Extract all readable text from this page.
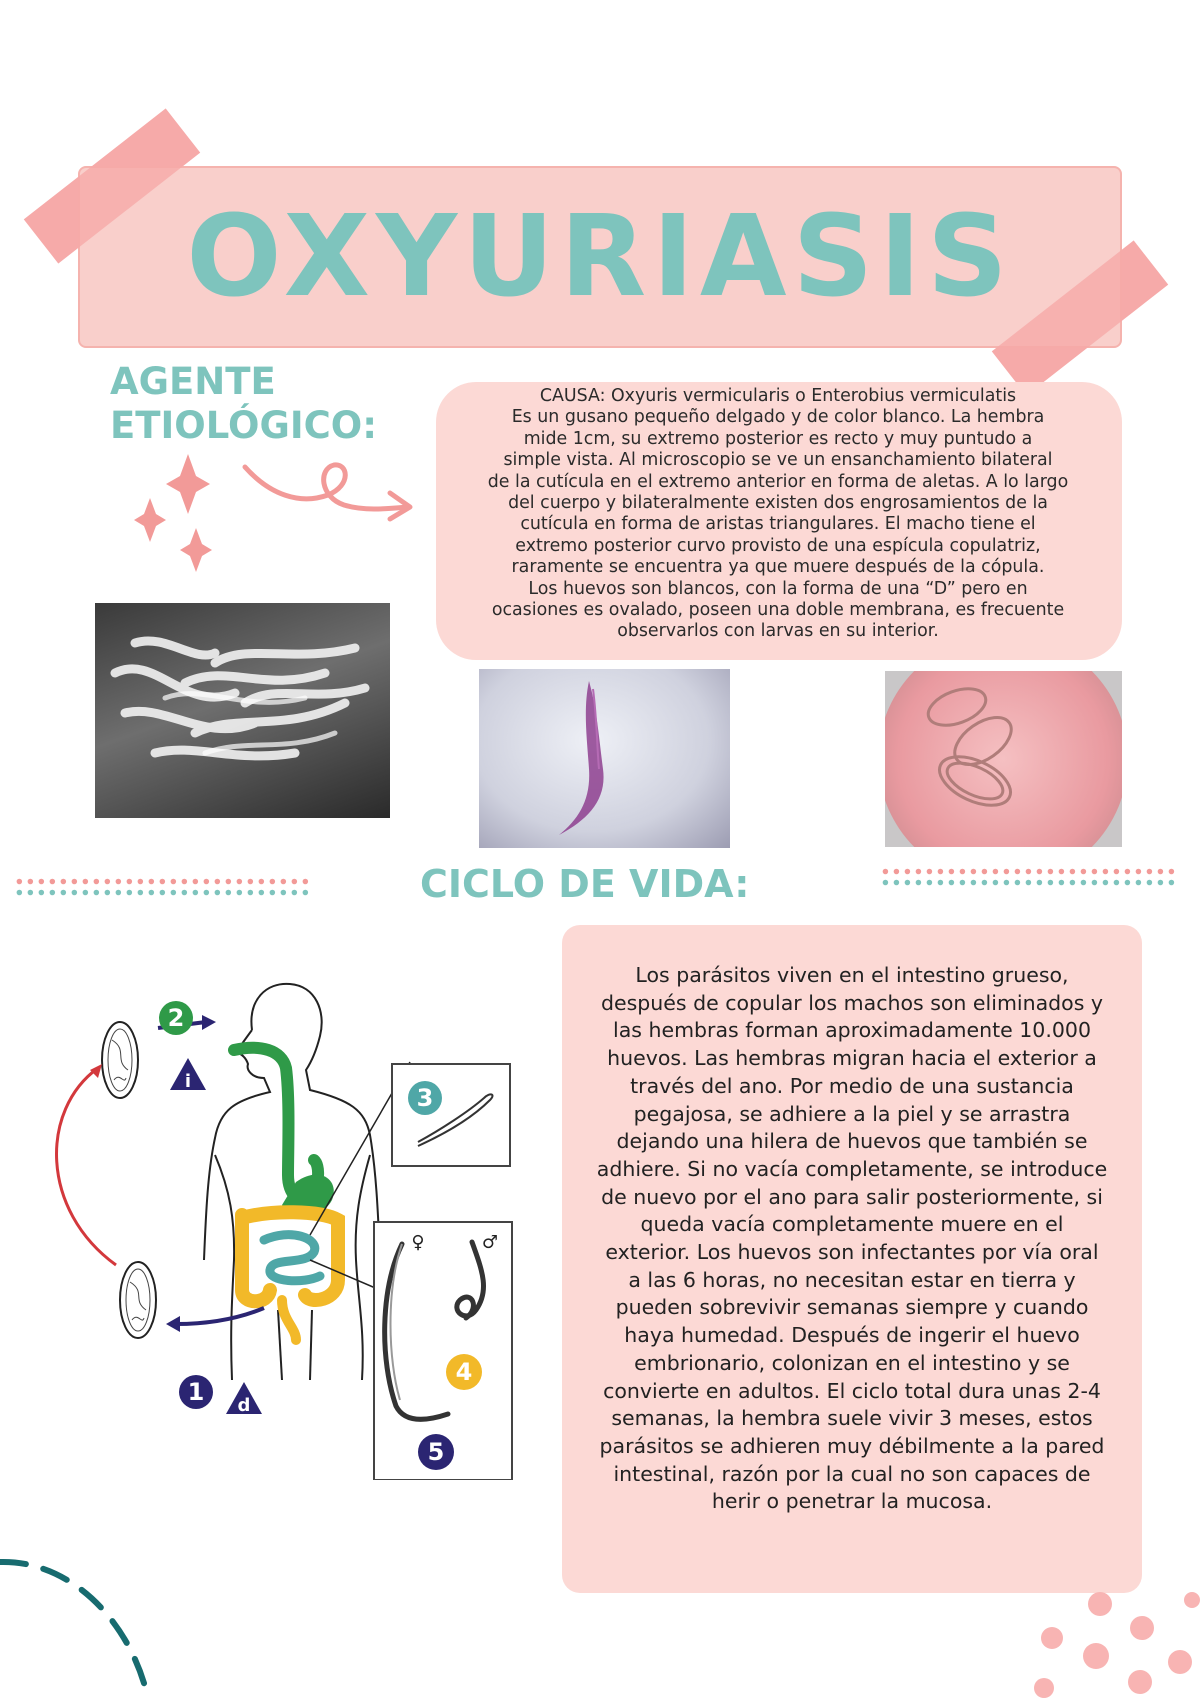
OXYURIASIS
AGENTE
ETIOLÓGICO:
CAUSA: Oxyuris vermicularis o Enterobius vermiculatis
Es un gusano pequeño delgado y de color blanco. La hembra
mide 1cm, su extremo posterior es recto y muy puntudo a
simple vista. Al microscopio se ve un ensanchamiento bilateral
de la cutícula en el extremo anterior en forma de aletas. A lo largo
del cuerpo y bilateralmente existen dos engrosamientos de la
cutícula en forma de aristas triangulares. El macho tiene el
extremo posterior curvo provisto de una espícula copulatriz,
raramente se encuentra ya que muere después de la cópula.
Los huevos son blancos, con la forma de una “D” pero en
ocasiones es ovalado, poseen una doble membrana, es frecuente
observarlos con larvas en su interior.
CICLO DE VIDA:
Los parásitos viven en el intestino grueso,
después de copular los machos son eliminados y
las hembras forman aproximadamente 10.000
huevos. Las hembras migran hacia el exterior a
través del ano. Por medio de una sustancia
pegajosa, se adhiere a la piel y se arrastra
dejando una hilera de huevos que también se
adhiere. Si no vacía completamente, se introduce
de nuevo por el ano para salir posteriormente, si
queda vacía completamente muere en el
exterior. Los huevos son infectantes por vía oral
a las 6 horas, no necesitan estar en tierra y
pueden sobrevivir semanas siempre y cuando
haya humedad. Después de ingerir el huevo
embrionario, colonizan en el intestino y se
convierte en adultos. El ciclo total dura unas 2-4
semanas, la hembra suele vivir 3 meses, estos
parásitos se adhieren muy débilmente a la pared
intestinal, razón por la cual no son capaces de
herir o penetrar la mucosa.
2
i
1 d
3
♀	♂
4
5
